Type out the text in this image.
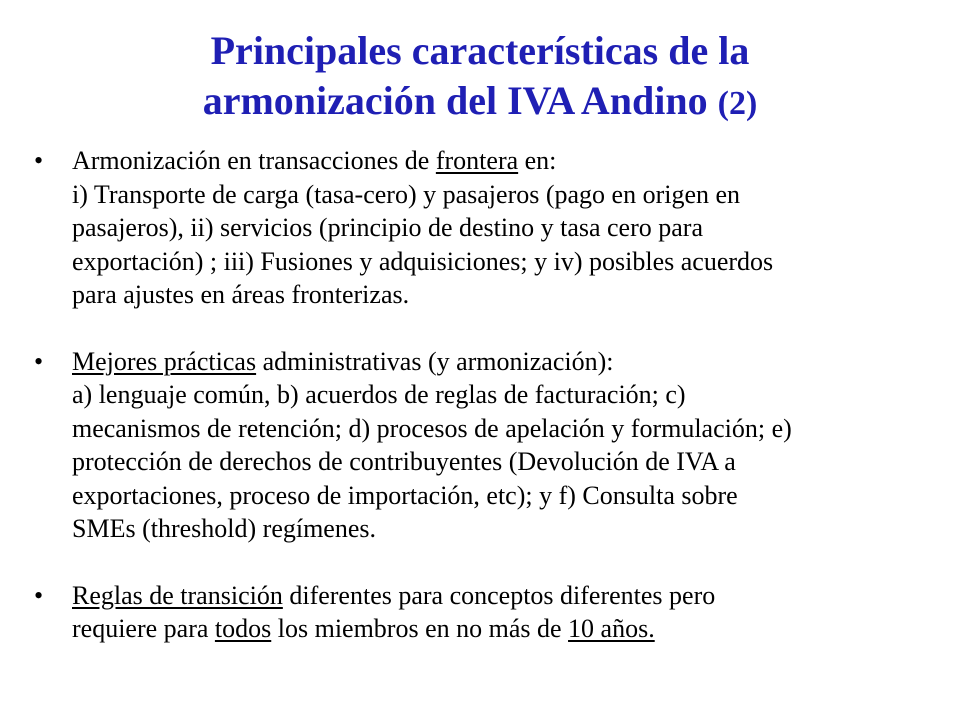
Principales características de la
armonización del IVA Andino (2)
• Armonización en transacciones de frontera en:
i) Transporte de carga (tasa-cero) y pasajeros (pago en origen en
pasajeros), ii) servicios (principio de destino y tasa cero para
exportación) ; iii) Fusiones y adquisiciones; y iv) posibles acuerdos
para ajustes en áreas fronterizas.
• Mejores prácticas administrativas (y armonización):
a) lenguaje común, b) acuerdos de reglas de facturación; c)
mecanismos de retención; d) procesos de apelación y formulación; e)
protección de derechos de contribuyentes (Devolución de IVA a
exportaciones, proceso de importación, etc); y f) Consulta sobre
SMEs (threshold) regímenes.
• Reglas de transición diferentes para conceptos diferentes pero
requiere para todos los miembros en no más de 10 años.
